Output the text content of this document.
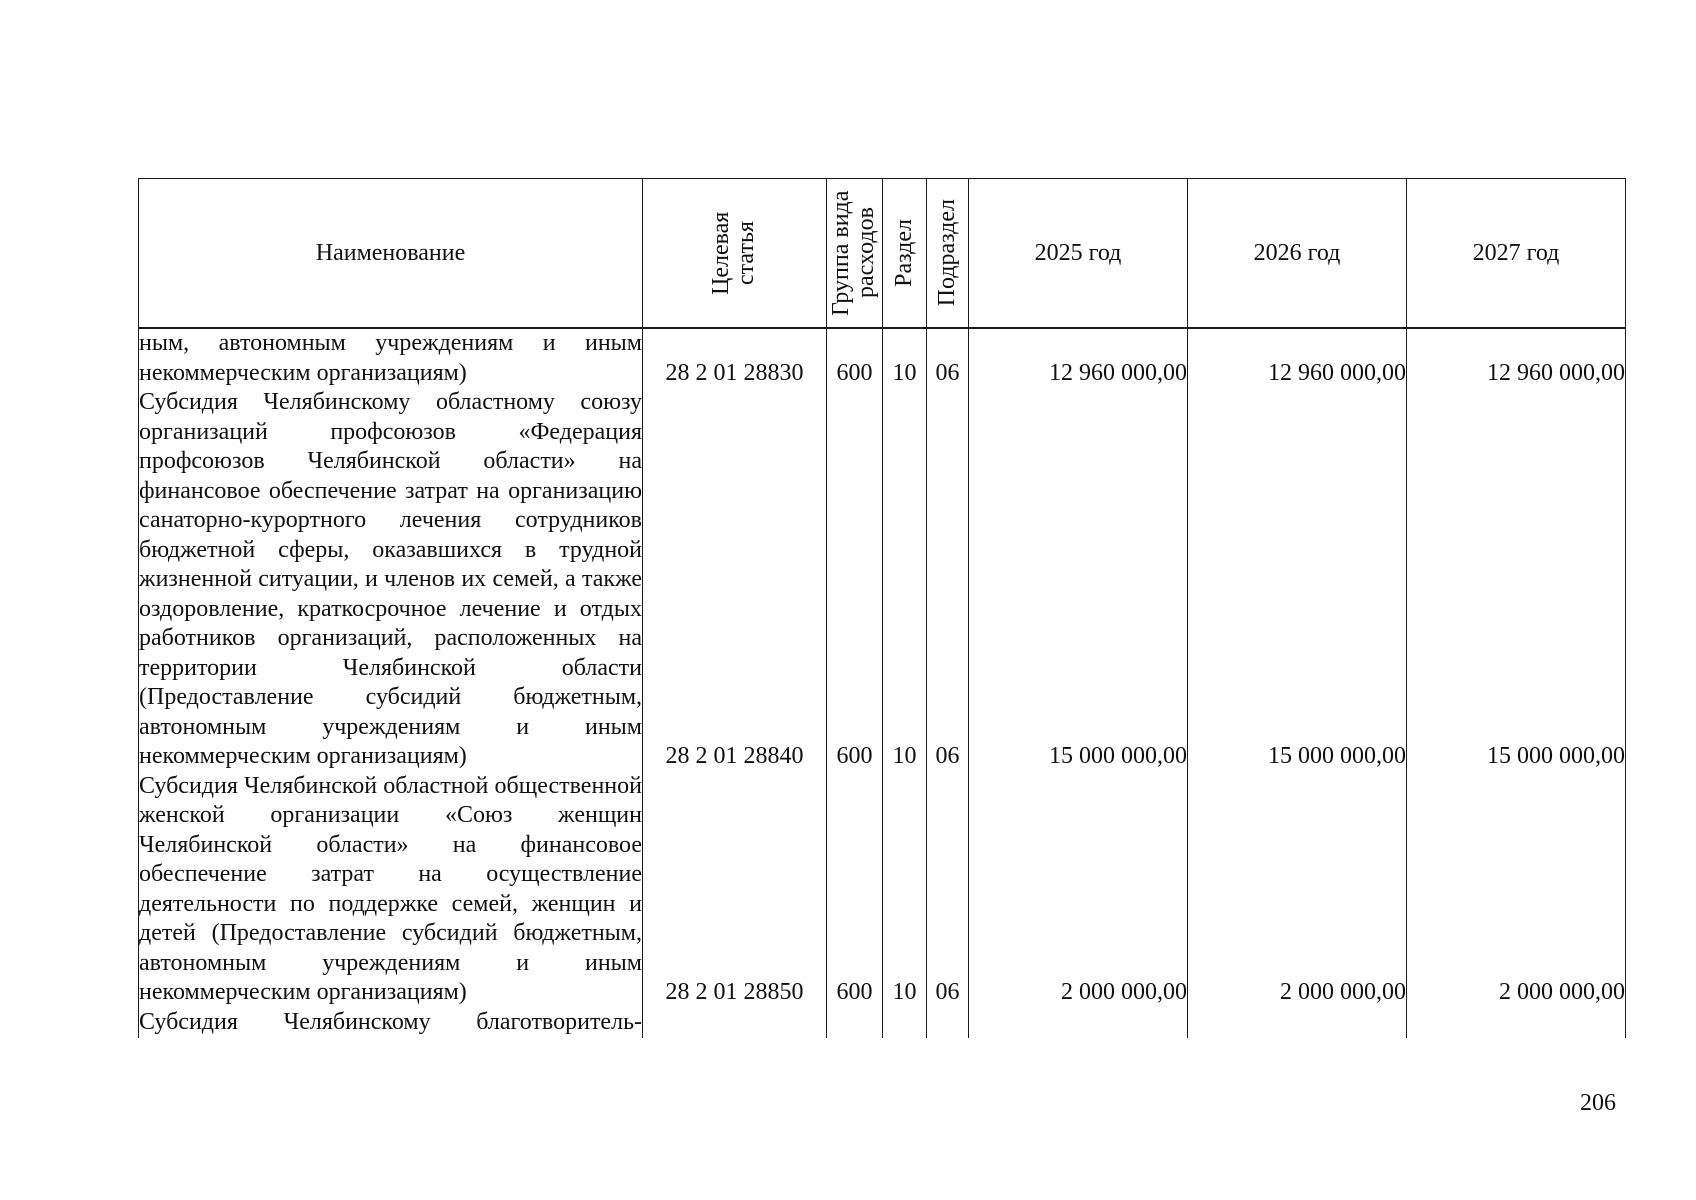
Наименование	Целевая статья	Группа вида расходов	Раздел	Подраздел	2025 год	2026 год	2027 год

ным, автономным учреждениям и иным некоммерческим организациям)	28 2 01 28830	600	10	06	12 960 000,00	12 960 000,00	12 960 000,00

Субсидия Челябинскому областному союзу организаций профсоюзов «Федерация профсоюзов Челябинской области» на финансовое обеспечение затрат на организацию санаторно-курортного лечения сотрудников бюджетной сферы, оказавшихся в трудной жизненной ситуации, и членов их семей, а также оздоровление, краткосрочное лечение и отдых работников организаций, расположенных на территории Челябинской области (Предоставление субсидий бюджетным, автономным учреждениям и иным некоммерческим организациям)	28 2 01 28840	600	10	06	15 000 000,00	15 000 000,00	15 000 000,00

Субсидия Челябинской областной общественной женской организации «Союз женщин Челябинской области» на финансовое обеспечение затрат на осуществление деятельности по поддержке семей, женщин и детей (Предоставление субсидий бюджетным, автономным учреждениям и иным некоммерческим организациям)	28 2 01 28850	600	10	06	2 000 000,00	2 000 000,00	2 000 000,00

Субсидия Челябинскому благотворитель-							

206
